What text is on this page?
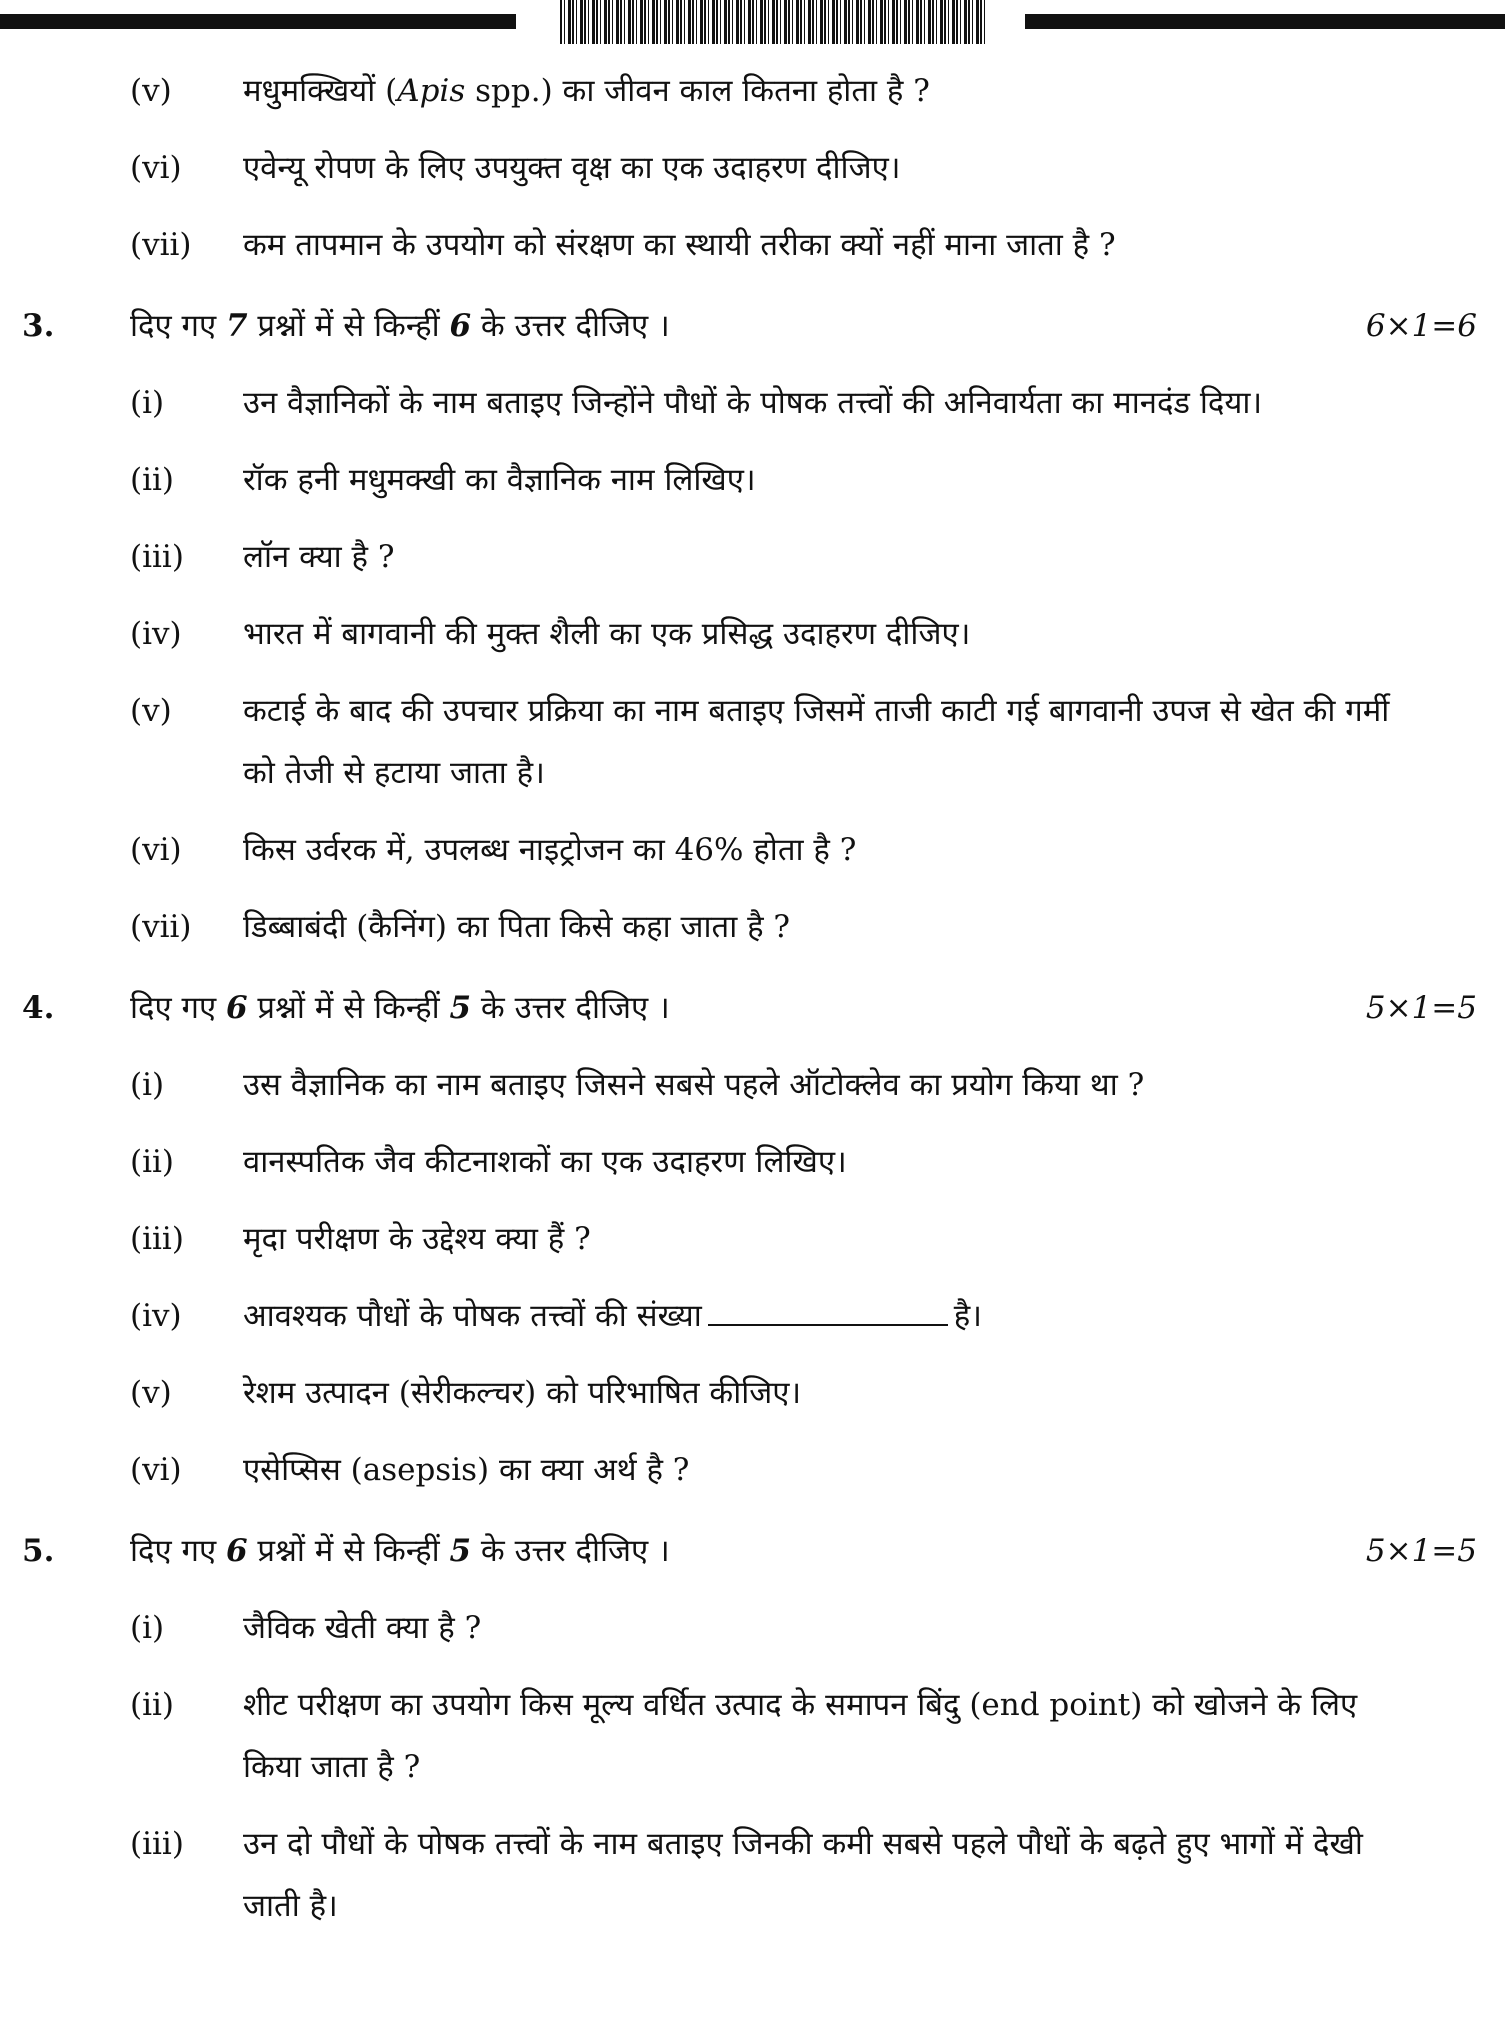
(v) मधुमक्खियों (Apis spp.) का जीवन काल कितना होता है ?
(vi) एवेन्यू रोपण के लिए उपयुक्त वृक्ष का एक उदाहरण दीजिए।
(vii) कम तापमान के उपयोग को संरक्षण का स्थायी तरीका क्यों नहीं माना जाता है ?
3. दिए गए 7 प्रश्नों में से किन्हीं 6 के उत्तर दीजिए ।	6×1=6
(i)	उन वैज्ञानिकों के नाम बताइए जिन्होंने पौधों के पोषक तत्त्वों की अनिवार्यता का मानदंड दिया।
(ii) रॉक हनी मधुमक्खी का वैज्ञानिक नाम लिखिए।
(iii) लॉन क्या है ?
(iv) भारत में बागवानी की मुक्त शैली का एक प्रसिद्ध उदाहरण दीजिए।
(v) कटाई के बाद की उपचार प्रक्रिया का नाम बताइए जिसमें ताजी काटी गई बागवानी उपज से खेत की गर्मी को तेजी से हटाया जाता है।
(vi) किस उर्वरक में, उपलब्ध नाइट्रोजन का 46% होता है ?
(vii) डिब्बाबंदी (कैनिंग) का पिता किसे कहा जाता है ?
4. दिए गए 6 प्रश्नों में से किन्हीं 5 के उत्तर दीजिए ।	5×1=5
(i)	उस वैज्ञानिक का नाम बताइए जिसने सबसे पहले ऑटोक्लेव का प्रयोग किया था ?
(ii) वानस्पतिक जैव कीटनाशकों का एक उदाहरण लिखिए।
(iii) मृदा परीक्षण के उद्देश्य क्या हैं ?
(iv) आवश्यक पौधों के पोषक तत्त्वों की संख्या	है।
(v) रेशम उत्पादन (सेरीकल्चर) को परिभाषित कीजिए।
(vi) एसेप्सिस (asepsis) का क्या अर्थ है ?
5. दिए गए 6 प्रश्नों में से किन्हीं 5 के उत्तर दीजिए ।	5×1=5
(i)	जैविक खेती क्या है ?
(ii) शीट परीक्षण का उपयोग किस मूल्य वर्धित उत्पाद के समापन बिंदु (end point) को खोजने के लिए किया जाता है ?
(iii) उन दो पौधों के पोषक तत्त्वों के नाम बताइए जिनकी कमी सबसे पहले पौधों के बढ़ते हुए भागों में देखी जाती है।
